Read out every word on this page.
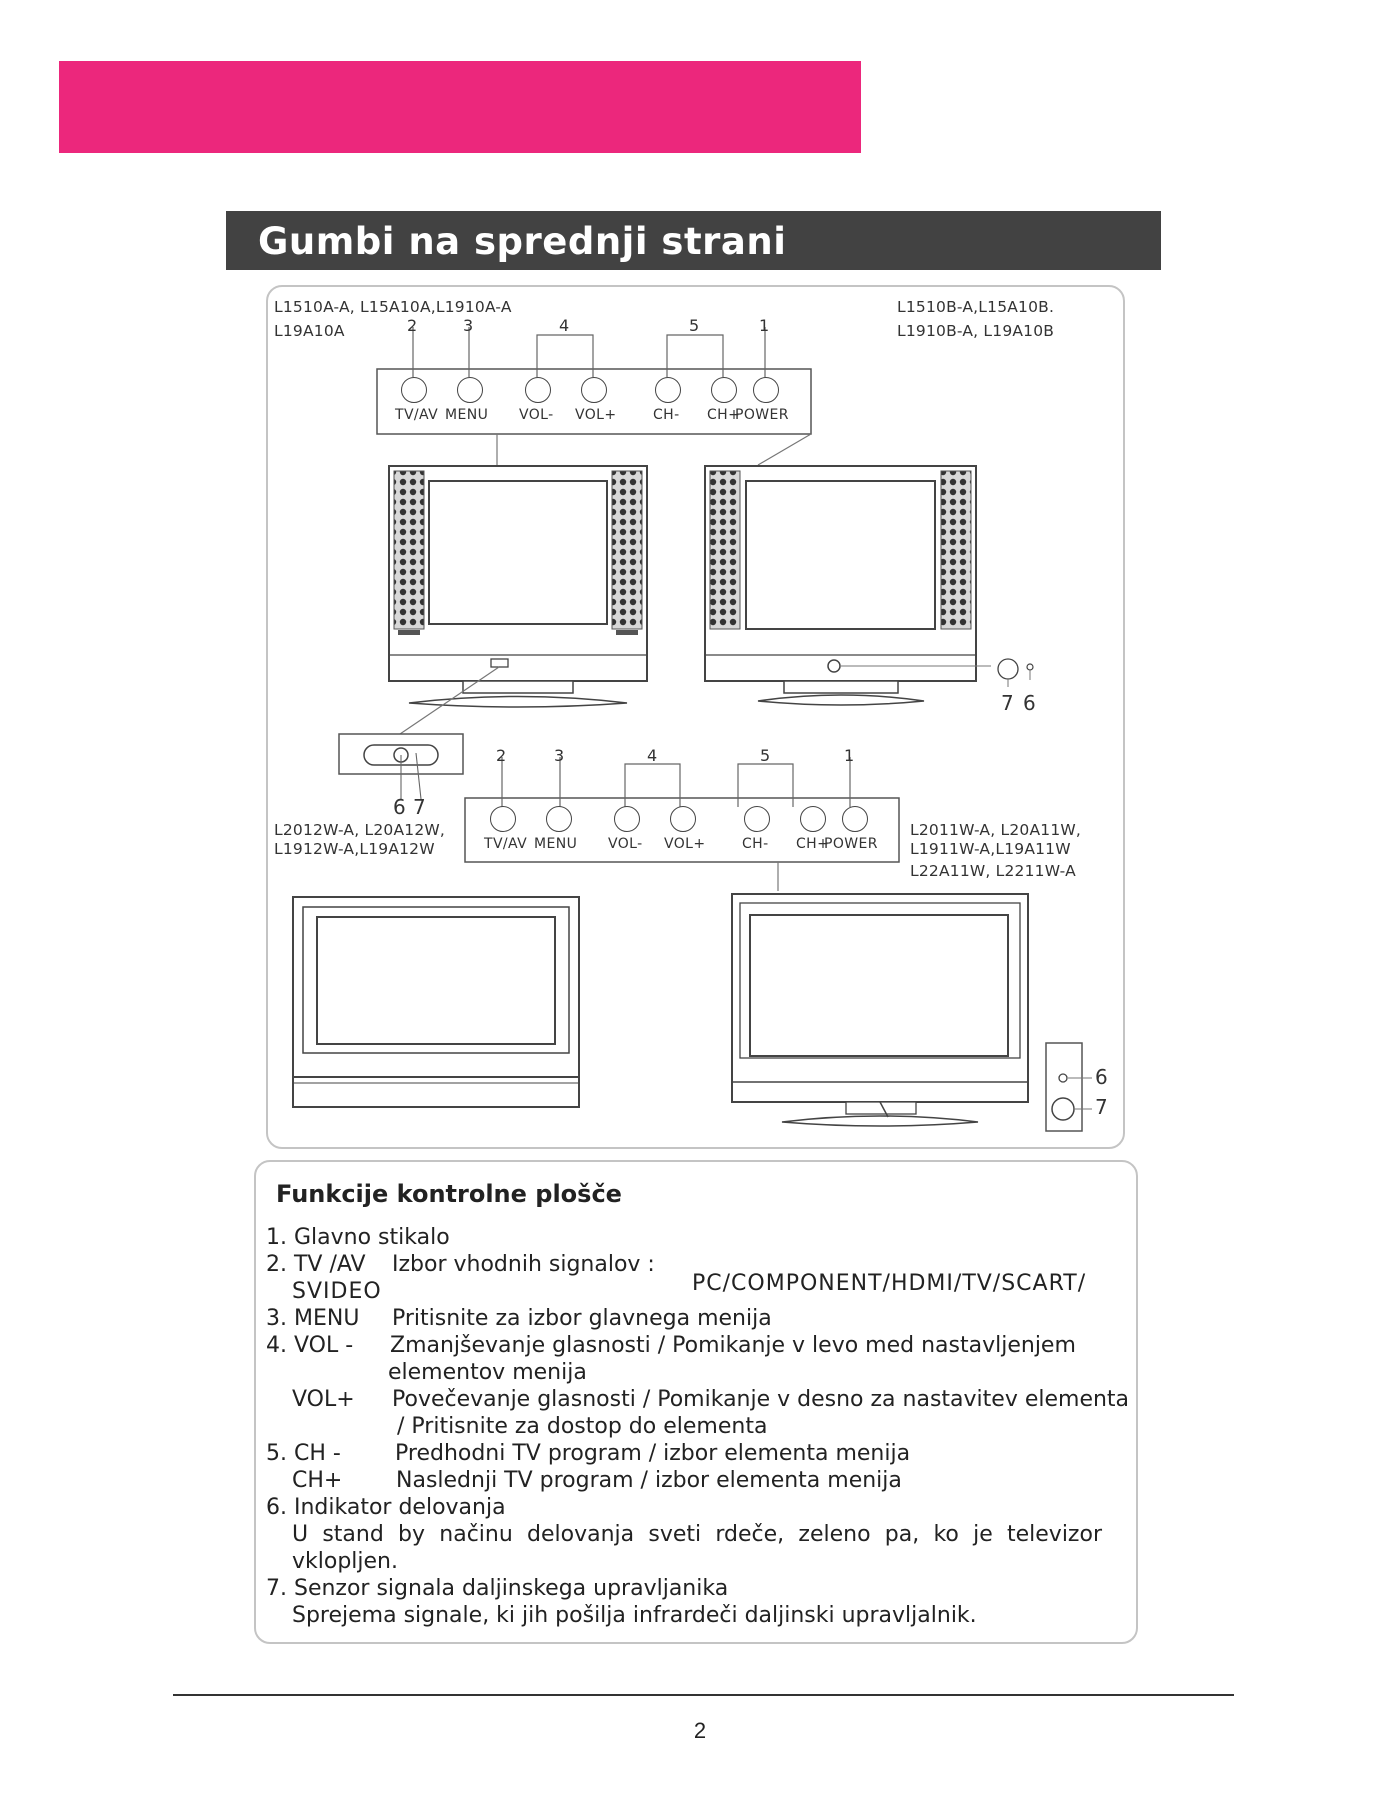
Gumbi na sprednji strani
L1510A-A, L15A10A,L1910A-A
L19A10A
L1510B-A,L15A10B.
L1910B-A, L19A10B
L2012W-A, L20A12W,
L1912W-A,L19A12W
L2011W-A, L20A11W,
L1911W-A,L19A11W
L22A11W, L2211W-A
TV/AV MENU VOL- VOL+	CH- CH+
POWER
TV/AV MENU VOL- VOL+	CH- CH+
POWER
2	3	4	5	1
2	3	4	5	1
7 6
6 7
6
7
Funkcije kontrolne plošče
1. Glavno stikalo
2. TV /AV Izbor vhodnih signalov :
PC/COMPONENT/HDMI/TV/SCART/
SVIDEO
3. MENU Pritisnite za izbor glavnega menija
4. VOL - Zmanjševanje glasnosti / Pomikanje v levo med nastavljenjem
elementov menija
VOL+ Povečevanje glasnosti / Pomikanje v desno za nastavitev elementa
/ Pritisnite za dostop do elementa
5. CH - Predhodni TV program / izbor elementa menija
CH+ Naslednji TV program / izbor elementa menija
6. Indikator delovanja
U stand by načinu delovanja sveti rdeče, zeleno pa, ko je televizor
vklopljen.
7. Senzor signala daljinskega upravljanika
Sprejema signale, ki jih pošilja infrardeči daljinski upravljalnik.
2
